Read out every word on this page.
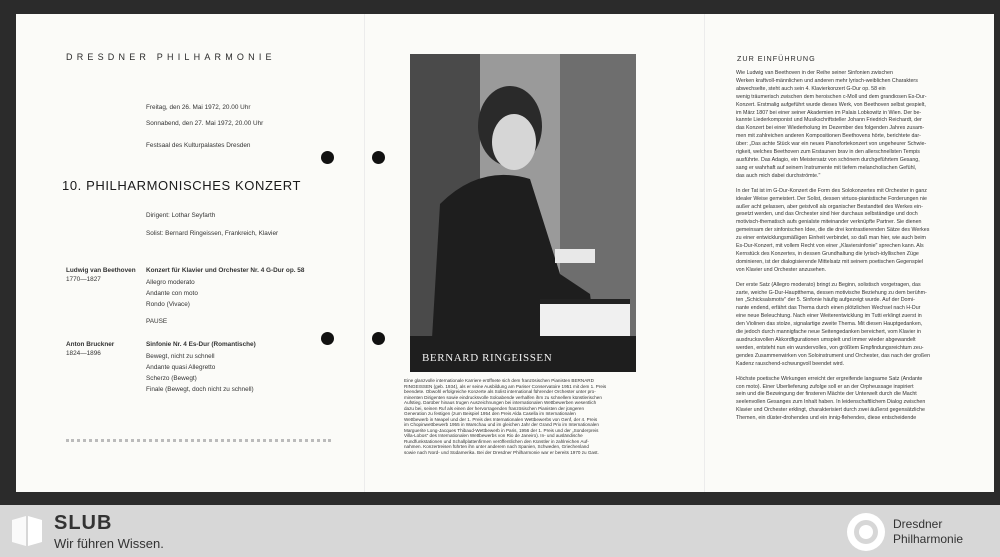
DRESDNER PHILHARMONIE
Freitag, den 26. Mai 1972, 20.00 Uhr
Sonnabend, den 27. Mai 1972, 20.00 Uhr
Festsaal des Kulturpalastes Dresden
10. PHILHARMONISCHES KONZERT
Dirigent: Lothar Seyfarth
Solist: Bernard Ringeissen, Frankreich, Klavier
Ludwig van Beethoven
1770—1827
Konzert für Klavier und Orchester Nr. 4 G-Dur op. 58
Allegro moderato
Andante con moto
Rondo (Vivace)
PAUSE
Anton Bruckner
1824—1896
Sinfonie Nr. 4 Es-Dur (Romantische)
Bewegt, nicht zu schnell
Andante quasi Allegretto
Scherzo (Bewegt)
Finale (Bewegt, doch nicht zu schnell)
BERNARD RINGEISSEN
Eine glanzvolle internationale Karriere eröffnete sich dem französischen Pianisten BERNARD
RINGEISSEN (geb. 1934), als er seine Ausbildung am Pariser Conservatoire 1951 mit dem 1. Preis
beendete. Obwohl erfolgreiche Konzerte als Solist international führender Orchester unter pro-
minenten Dirigenten sowie eindrucksvolle Soloabende verhalfen ihm zu schnellem künstlerischen
Aufstieg. Darüber hinaus trugen Auszeichnungen bei internationalen Wettbewerben wesentlich
dazu bei, seinen Ruf als einen der hervorragenden französischen Pianisten der jüngeren
Generation zu festigen (zum Beispiel 1954 den Preis Alda Casella im Internationalen
Wettbewerb in Neapel und der 1. Preis des Internationalen Wettbewerbs von Genf, der 4. Preis
im Chopinwettbewerb 1955 in Warschau und im gleichen Jahr der Grand Prix im Internationalen
Marguerite Long-Jacques Thibaud-Wettbewerb in Paris, 1956 der 1. Preis und der „Sonderpreis
Villa-Lobos" des Internationalen Wettbewerbs von Rio de Janeiro). In- und ausländische
Rundfunkstationen und Schallplattenfirmen veröffentlichen den Künstler in zahlreichen Auf-
nahmen. Konzertreisen führten ihn unter anderem nach Spanien, Schweden, Griechenland
sowie nach Nord- und Südamerika. Bei der Dresdner Philharmonie war er bereits 1970 zu Gast.
ZUR EINFÜHRUNG
Wie Ludwig van Beethoven in der Reihe seiner Sinfonien zwischen
Werken kraftvoll-männlichen und anderen mehr lyrisch-weiblichen Charakters
abwechselte, steht auch sein 4. Klavierkonzert G-Dur op. 58 ein
wenig träumerisch zwischen dem heroischen c-Moll und dem grandiosen Es-Dur-
Konzert. Erstmalig aufgeführt wurde dieses Werk, von Beethoven selbst gespielt,
im März 1807 bei einer seiner Akademien im Palais Lobkowitz in Wien. Der be-
kannte Liederkomponist und Musikschriftsteller Johann Friedrich Reichardt, der
das Konzert bei einer Wiederholung im Dezember des folgenden Jahres zusam-
men mit zahlreichen anderen Kompositionen Beethovens hörte, berichtete dar-
über: „Das achte Stück war ein neues Pianofortekonzert von ungeheurer Schwie-
rigkeit, welches Beethoven zum Erstaunen brav in den allerschnellsten Tempis
ausführte. Das Adagio, ein Meistersatz von schönem durchgeführtem Gesang,
sang er wahrhaft auf seinem Instrumente mit tiefem melancholischen Gefühl,
das auch mich dabei durchströmte."
In der Tat ist im G-Dur-Konzert die Form des Solokonzertes mit Orchester in ganz
idealer Weise gemeistert. Der Solist, dessen virtuos-pianistische Forderungen nie
außer acht gelassen, aber geistvoll als organischer Bestandteil des Werkes ein-
gesetzt werden, und das Orchester sind hier durchaus selbständige und doch
motivisch-thematisch aufs genialste miteinander verknüpfte Partner. Sie dienen
gemeinsam der sinfonischen Idee, die die drei kontrastierenden Sätze des Werkes
zu einer entwicklungsmäßigen Einheit verbindet, so daß man hier, wie auch beim
Es-Dur-Konzert, mit vollem Recht von einer „Klaviersinfonie" sprechen kann. Als
Kernstück des Konzertes, in dessen Grundhaltung die lyrisch-idyllischen Züge
dominieren, ist der dialogisierende Mittelsatz mit seinem poetischen Gegenspiel
von Klavier und Orchester anzusehen.
Der erste Satz (Allegro moderato) bringt zu Beginn, solistisch vorgetragen, das
zarte, weiche G-Dur-Hauptthema, dessen motivische Beziehung zu dem berühm-
ten „Schicksalsmotiv" der 5. Sinfonie häufig aufgezeigt wurde. Auf der Domi-
nante endend, erfährt das Thema durch einen plötzlichen Wechsel nach H-Dur
eine neue Beleuchtung. Nach einer Weiterentwicklung im Tutti erklingt zuerst in
den Violinen das stolze, signalartige zweite Thema. Mit diesen Hauptgedanken,
die jedoch durch mannigfache neue Seitengedanken bereichert, vom Klavier in
ausdrucksvollen Akkordfigurationen umspielt und immer wieder abgewandelt
werden, entsteht nun ein wundervolles, von größtem Empfindungsreichtum zeu-
gendes Zusammenwirken von Soloinstrument und Orchester, das nach der großen
Kadenz rauschend-schwungvoll beendet wird.
Höchste poetische Wirkungen erreicht der ergreifende langsame Satz (Andante
con moto). Einer Überlieferung zufolge soll er an der Orpheussage inspiriert
sein und die Bezwingung der finsteren Mächte der Unterwelt durch die Macht
seelenvollen Gesanges zum Inhalt haben. In leidenschaftlichem Dialog zwischen
Klavier und Orchester erklingt, charakterisiert durch zwei äußerst gegensätzliche
Themen, ein düster-drohendes und ein innig-flehendes, diese entscheidende
SLUB
Wir führen Wissen.
Dresdner
Philharmonie
